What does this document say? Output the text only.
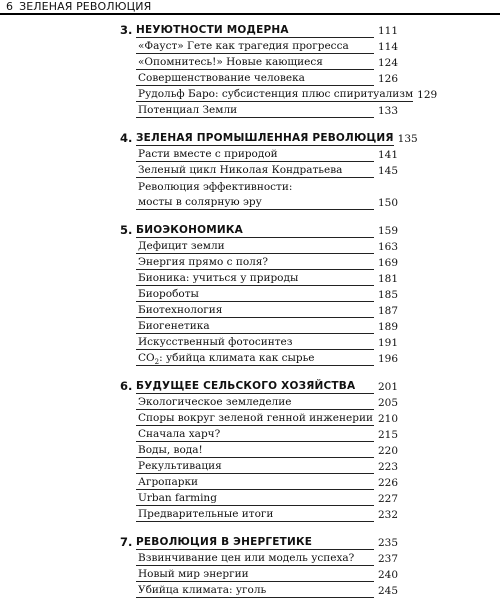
6 ЗЕЛЕНАЯ РЕВОЛЮЦИЯ
3. НЕУЮТНОСТИ МОДЕРНА	111
«Фауст» Гете как трагедия прогресса	114
«Опомнитесь!» Новые кающиеся	124
Совершенствование человека	126
Рудольф Баро: субсистенция плюс спиритуализм 129
Потенциал Земли	133
4. ЗЕЛЕНАЯ ПРОМЫШЛЕННАЯ РЕВОЛЮЦИЯ 135
Расти вместе с природой	141
Зеленый цикл Николая Кондратьева	145
Революция эффективности:
мосты в солярную эру	150
5. БИОЭКОНОМИКА	159
Дефицит земли	163
Энергия прямо с поля?	169
Бионика: учиться у природы	181
Биороботы	185
Биотехнология	187
Биогенетика	189
Искусственный фотосинтез	191
$CO_2$: убийца климата как сырье	196
6. БУДУЩЕЕ СЕЛЬСКОГО ХОЗЯЙСТВА	201
Экологическое земледелие	205
Споры вокруг зеленой генной инженерии 210
Сначала харч?	215
Воды, вода!	220
Рекультивация	223
Агропарки	226
Urban farming	227
Предварительные итоги	232
7. РЕВОЛЮЦИЯ В ЭНЕРГЕТИКЕ	235
Взвинчивание цен или модель успеха?	237
Новый мир энергии	240
Убийца климата: уголь	245
